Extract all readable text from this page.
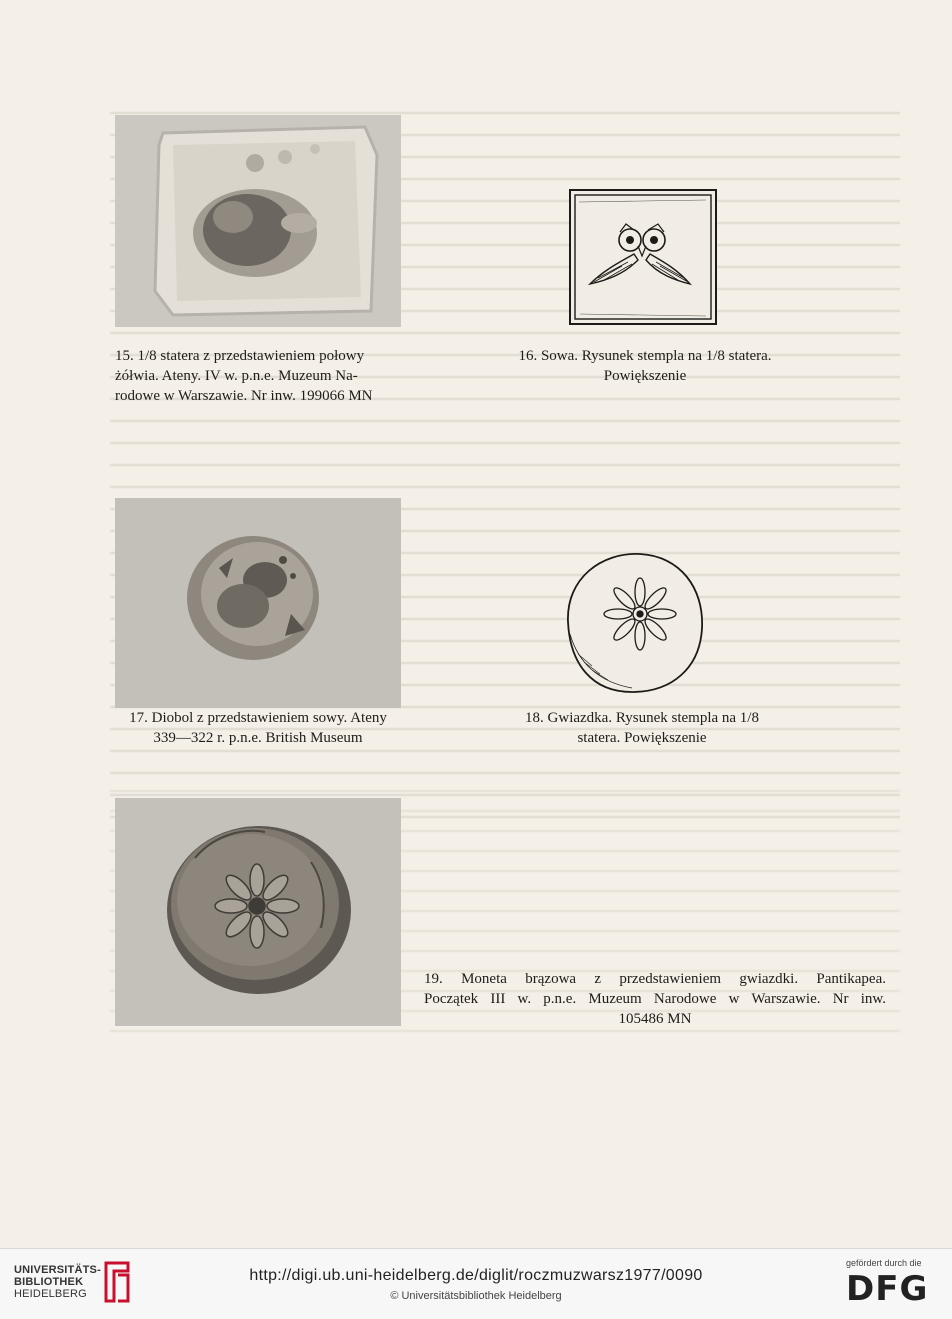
15. 1/8 statera z przedstawieniem połowy
żółwia. Ateny. IV w. p.n.e. Muzeum Na-
rodowe w Warszawie. Nr inw. 199066 MN
16. Sowa. Rysunek stempla na 1/8 statera.
Powiększenie
17. Diobol z przedstawieniem sowy. Ateny
339—322 r. p.n.e. British Museum
18. Gwiazdka. Rysunek stempla na 1/8
statera. Powiększenie
19. Moneta brązowa z przedstawieniem gwiazdki. Pantikapea.
Początek III w. p.n.e. Muzeum Narodowe w Warszawie. Nr inw.
105486 MN
UNIVERSITÄTS-
BIBLIOTHEK
HEIDELBERG
http://digi.ub.uni-heidelberg.de/diglit/roczmuzwarsz1977/0090
© Universitätsbibliothek Heidelberg
gefördert durch die
DFG
